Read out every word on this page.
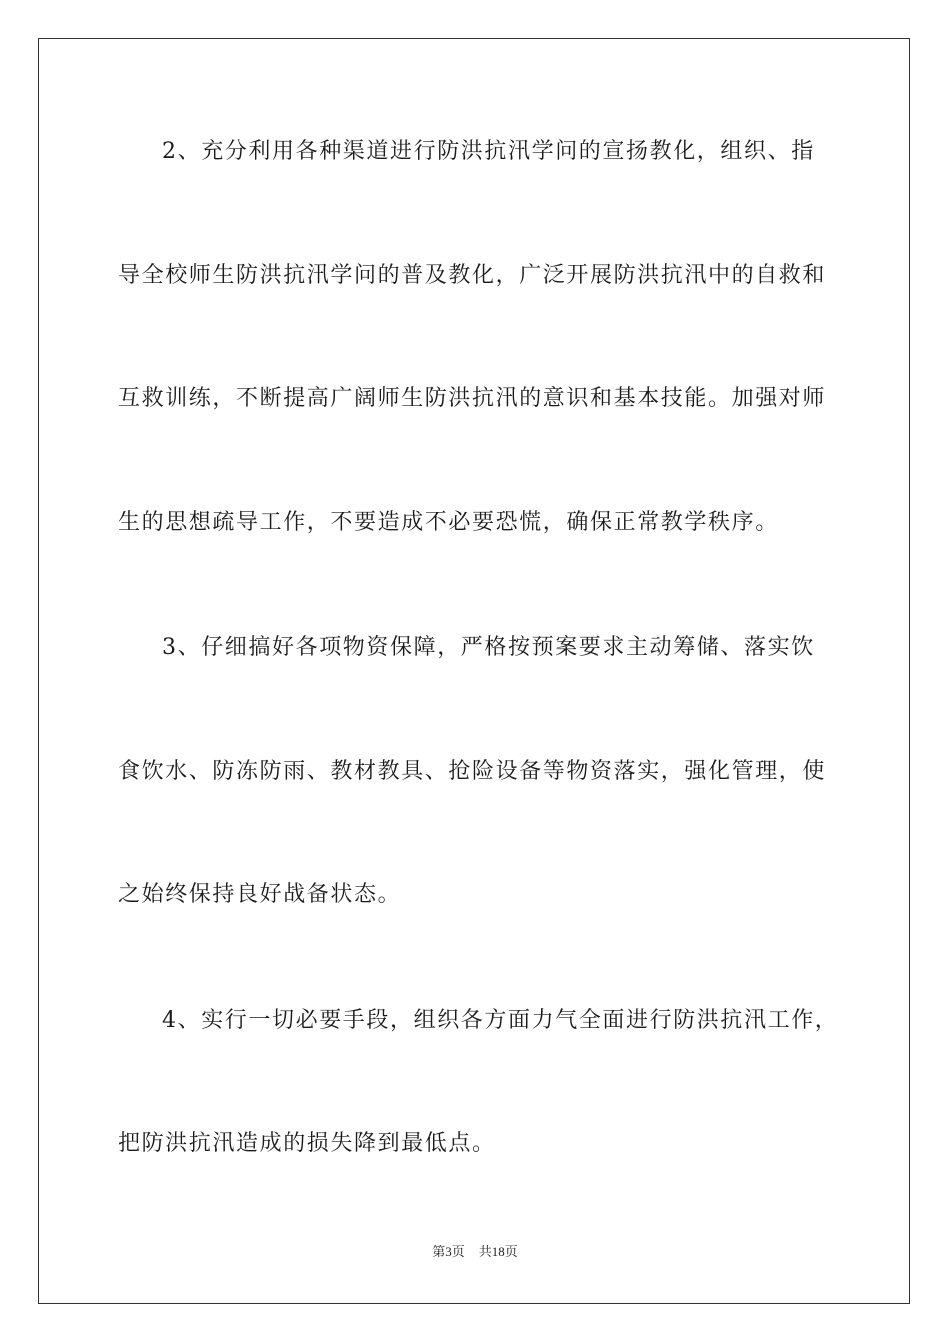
2、充分利用各种渠道进行防洪抗汛学问的宣扬教化，组织、指
导全校师生防洪抗汛学问的普及教化，广泛开展防洪抗汛中的自救和
互救训练，不断提高广阔师生防洪抗汛的意识和基本技能。加强对师
生的思想疏导工作，不要造成不必要恐慌，确保正常教学秩序。
3、仔细搞好各项物资保障，严格按预案要求主动筹储、落实饮
食饮水、防冻防雨、教材教具、抢险设备等物资落实，强化管理，使
之始终保持良好战备状态。
4、实行一切必要手段，组织各方面力气全面进行防洪抗汛工作，
把防洪抗汛造成的损失降到最低点。
第3页 共18页
